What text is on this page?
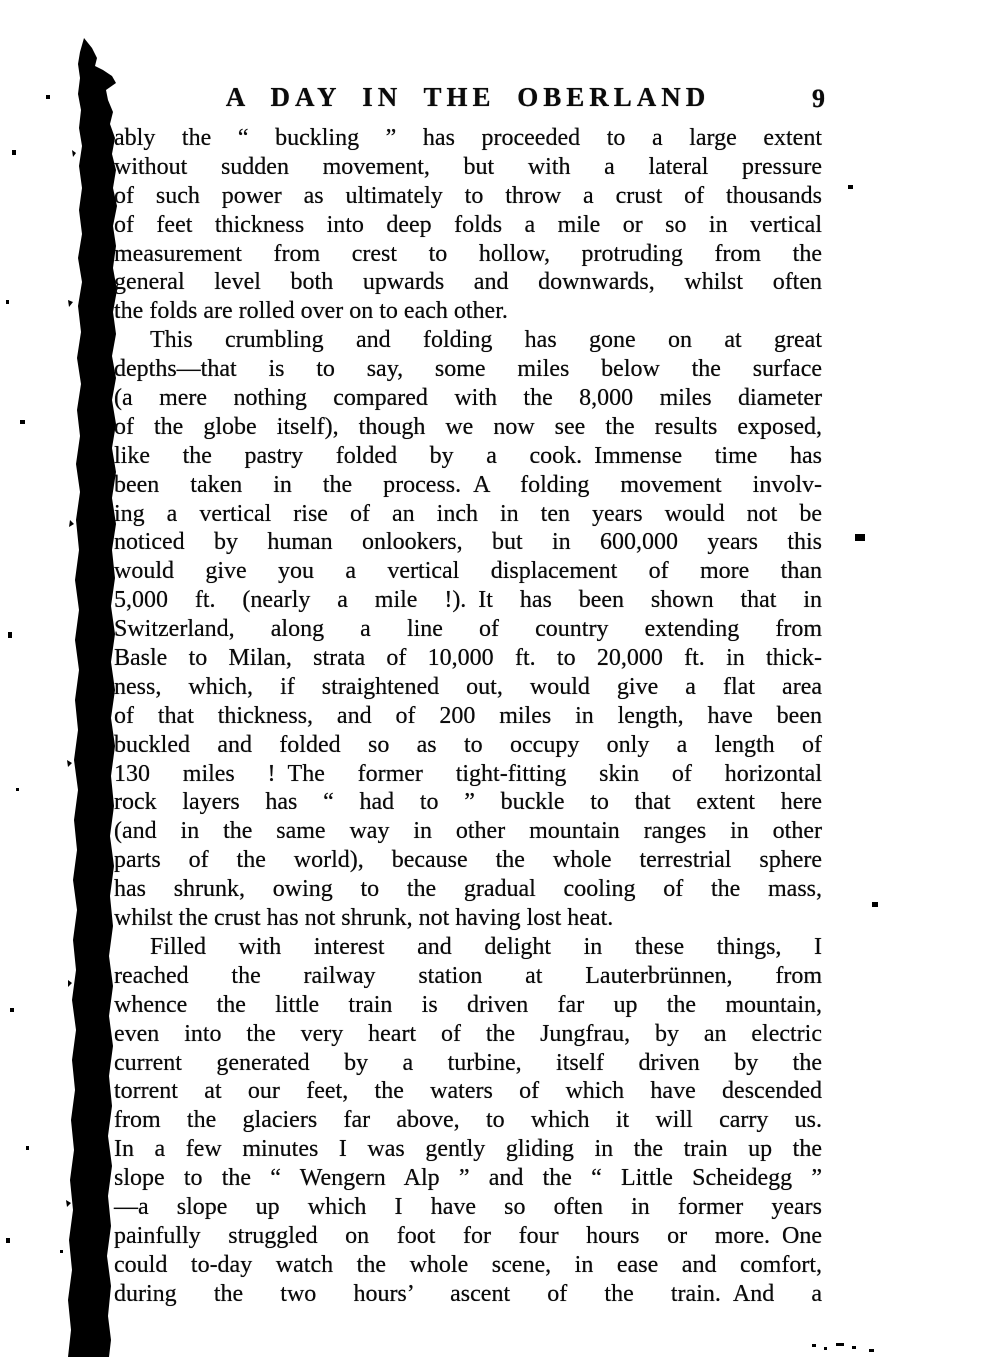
A DAY IN THE OBERLAND	9
ably the “ buckling ” has proceeded to a large extent
without sudden movement, but with a lateral pressure
of such power as ultimately to throw a crust of thousands
of feet thickness into deep folds a mile or so in vertical
measurement from crest to hollow, protruding from the
general level both upwards and downwards, whilst often
the folds are rolled over on to each other.
This crumbling and folding has gone on at great
depths—that is to say, some miles below the surface
(a mere nothing compared with the 8,000 miles diameter
of the globe itself), though we now see the results exposed,
like the pastry folded by a cook. Immense time has
been taken in the process. A folding movement involv-
ing a vertical rise of an inch in ten years would not be
noticed by human onlookers, but in 600,000 years this
would give you a vertical displacement of more than
5,000 ft. (nearly a mile !). It has been shown that in
Switzerland, along a line of country extending from
Basle to Milan, strata of 10,000 ft. to 20,000 ft. in thick-
ness, which, if straightened out, would give a flat area
of that thickness, and of 200 miles in length, have been
buckled and folded so as to occupy only a length of
130 miles ! The former tight-fitting skin of horizontal
rock layers has “ had to ” buckle to that extent here
(and in the same way in other mountain ranges in other
parts of the world), because the whole terrestrial sphere
has shrunk, owing to the gradual cooling of the mass,
whilst the crust has not shrunk, not having lost heat.
Filled with interest and delight in these things, I
reached the railway station at Lauterbrünnen, from
whence the little train is driven far up the mountain,
even into the very heart of the Jungfrau, by an electric
current generated by a turbine, itself driven by the
torrent at our feet, the waters of which have descended
from the glaciers far above, to which it will carry us.
In a few minutes I was gently gliding in the train up the
slope to the “ Wengern Alp ” and the “ Little Scheidegg ”
—a slope up which I have so often in former years
painfully struggled on foot for four hours or more. One
could to-day watch the whole scene, in ease and comfort,
during the two hours’ ascent of the train. And a
